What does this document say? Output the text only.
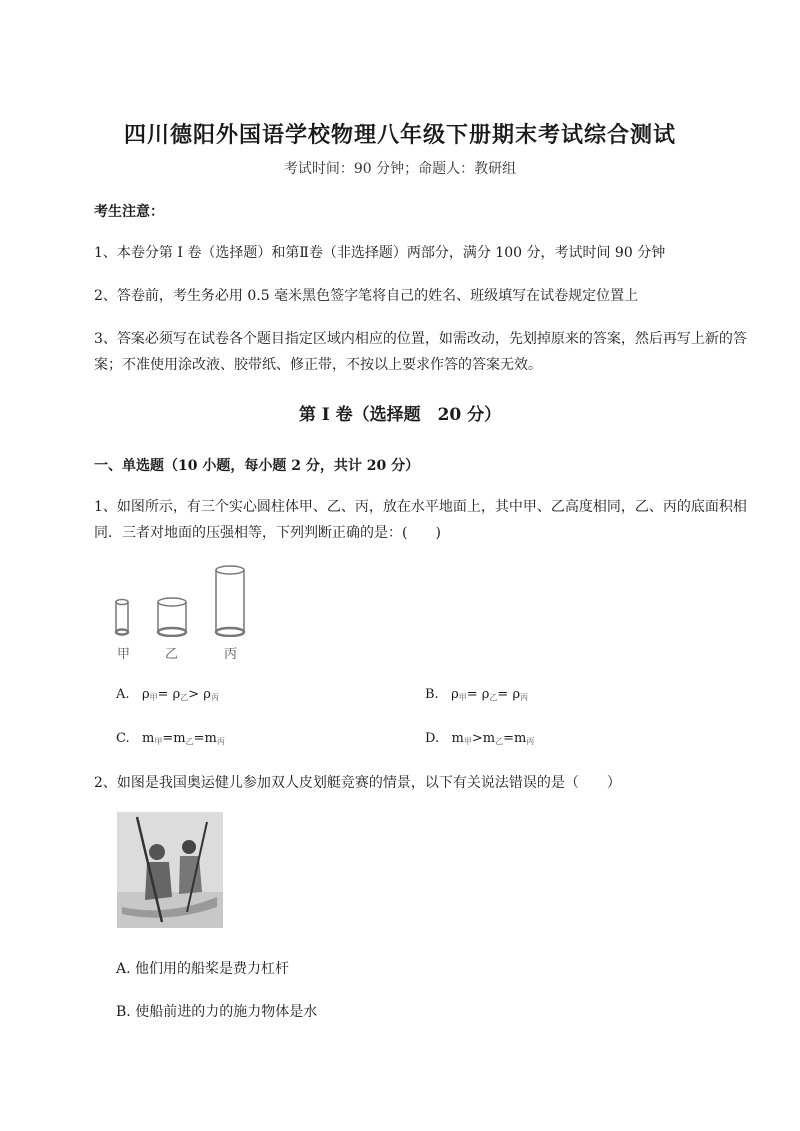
四川德阳外国语学校物理八年级下册期末考试综合测试
考试时间：90 分钟；命题人：教研组
考生注意：
1、本卷分第 I 卷（选择题）和第Ⅱ卷（非选择题）两部分，满分 100 分，考试时间 90 分钟
2、答卷前，考生务必用 0.5 毫米黑色签字笔将自己的姓名、班级填写在试卷规定位置上
3、答案必须写在试卷各个题目指定区域内相应的位置，如需改动，先划掉原来的答案，然后再写上新的答案；不准使用涂改液、胶带纸、修正带，不按以上要求作答的答案无效。
第 I 卷（选择题　20 分）
一、单选题（10 小题，每小题 2 分，共计 20 分）
1、如图所示，有三个实心圆柱体甲、乙、丙，放在水平地面上，其中甲、乙高度相同，乙、丙的底面积相同．三者对地面的压强相等，下列判断正确的是：(　　)
甲	乙	丙
A. $\rho_甲= \rho_乙> \rho_丙$	B. $\rho_甲= \rho_乙= \rho_丙$
C. $m_甲=m_乙=m_丙$	D. $m_甲>m_乙=m_丙$
2、如图是我国奥运健儿参加双人皮划艇竞赛的情景，以下有关说法错误的是（　　）
A. 他们用的船桨是费力杠杆
B. 使船前进的力的施力物体是水
